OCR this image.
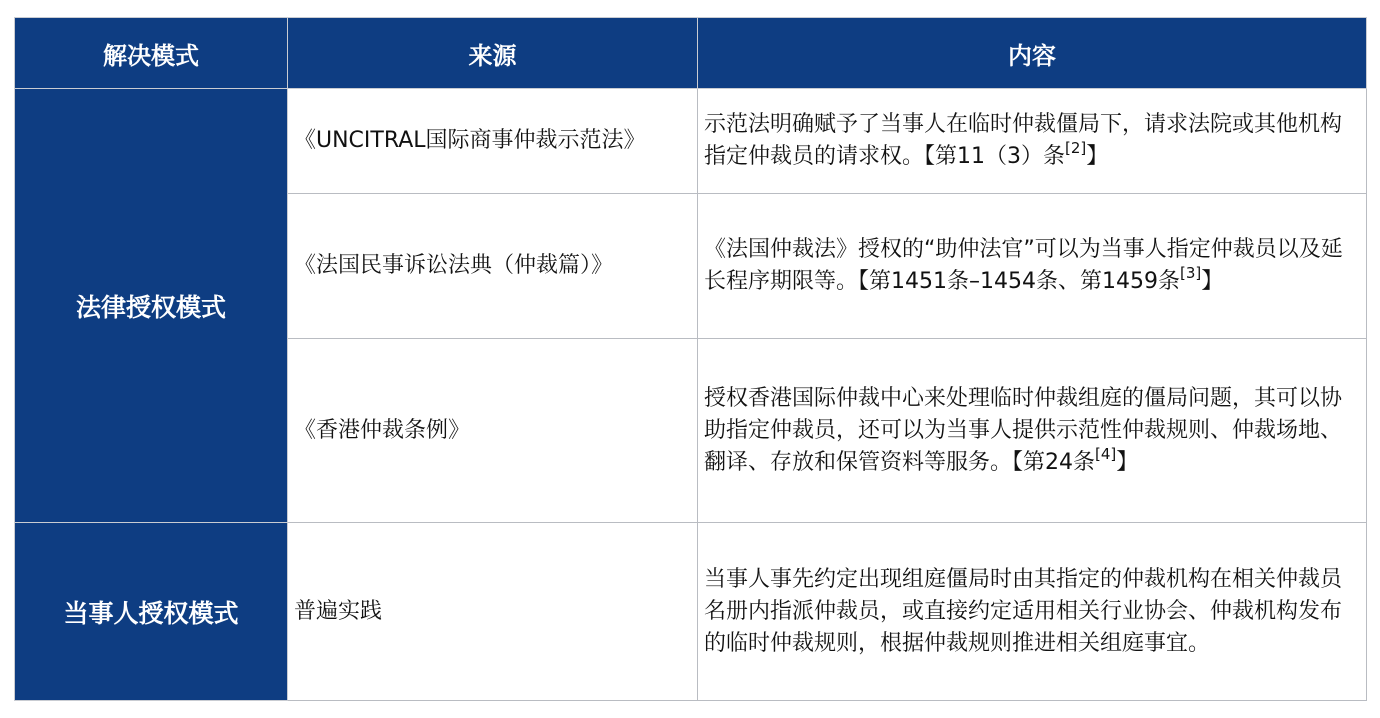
解决模式	来源	内容
法律授权模式	《UNCITRAL国际商事仲裁示范法》	示范法明确赋予了当事人在临时仲裁僵局下，请求法院或其他机构指定仲裁员的请求权。【第11（3）条[2]】
	《法国民事诉讼法典（仲裁篇）》	《法国仲裁法》授权的“助仲法官”可以为当事人指定仲裁员以及延长程序期限等。【第1451条–1454条、第1459条[3]】
	《香港仲裁条例》	授权香港国际仲裁中心来处理临时仲裁组庭的僵局问题，其可以协助指定仲裁员，还可以为当事人提供示范性仲裁规则、仲裁场地、翻译、存放和保管资料等服务。【第24条[4]】
当事人授权模式	普遍实践	当事人事先约定出现组庭僵局时由其指定的仲裁机构在相关仲裁员名册内指派仲裁员，或直接约定适用相关行业协会、仲裁机构发布的临时仲裁规则，根据仲裁规则推进相关组庭事宜。
